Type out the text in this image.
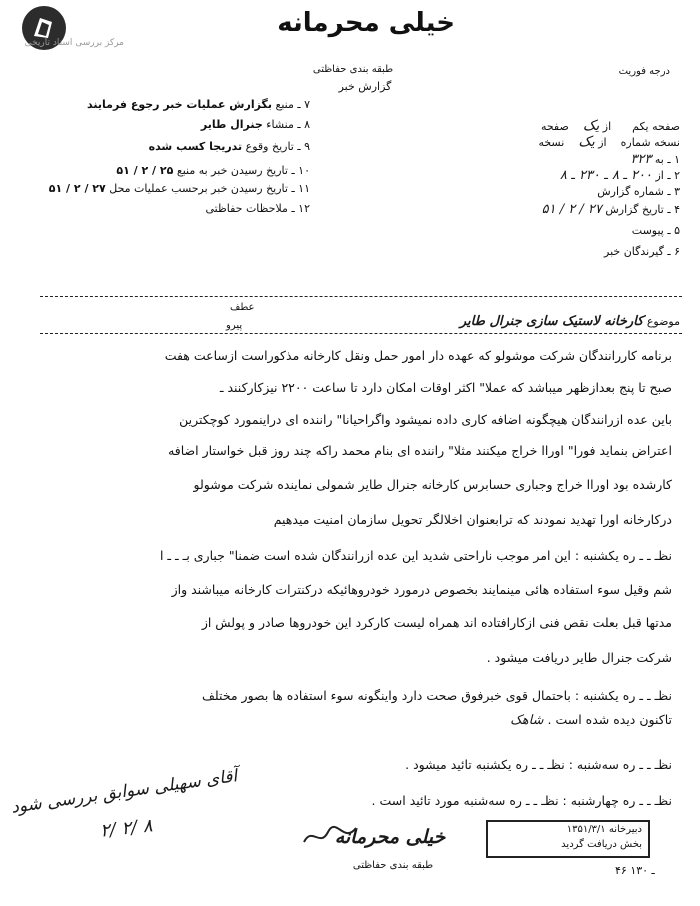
مرکز بررسی اسناد تاریخی
خیلی محرمانه
طبقه بندی حفاظتی
گزارش خبر
درجه فوریت
صفحه یکم      از یک    صفحه
نسخه شماره    از یک    نسخه
۱ ـ به ۳۲۳
۲ ـ از ۲۰۰ ـ ۸ ـ ۲۳۰ ـ ۸
۳ ـ شماره گزارش
۴ ـ تاریخ گزارش ۲۷ / ۲ / ۵۱
۵ ـ پیوست
۶ ـ گیرندگان خبر
۷ ـ منبع بگزارش عملیات خبر رجوع فرمایند
۸ ـ منشاء جنرال طایر
۹ ـ تاریخ وقوع تدریجا کسب شده
۱۰ ـ تاریخ رسیدن خبر به منبع ۲۵ / ۲ / ۵۱
۱۱ ـ تاریخ رسیدن خبر برحسب عملیات محل ۲۷ / ۲ / ۵۱
۱۲ ـ ملاحظات حفاظتی
موضوع کارخانه لاستیک سازی جنرال طایر
عطف
پیرو
برنامه کاررانندگان شرکت موشولو که عهده دار امور حمل ونقل کارخانه مذکوراست ازساعت هفت
صبح تا پنج بعدازظهر میباشد که عملا" اکثر اوقات امکان دارد تا ساعت ۲۲۰۰ نیزکارکنند ـ
باین عده ازرانندگان هیچگونه اضافه کاری داده نمیشود واگراحیانا" راننده ای دراینمورد کوچکترین
اعتراض بنماید فورا" اوراا خراج میکنند مثلا" راننده ای بنام محمد راکه چند روز قبل خواستار اضافه
کارشده بود اوراا خراج وجباری حسابرس کارخانه جنرال طایر شمولی نماینده شرکت موشولو
درکارخانه اورا تهدید نمودند که ترابعنوان اخلالگر تحویل سازمان امنیت میدهیم
نظـ ـ ـ ره یکشنبه : این امر موجب ناراحتی شدید این عده ازرانندگان شده است ضمنا" جباری بـ ـ ـ ا
شم وقیل سوء استفاده هائی مینمایند بخصوص درمورد خودروهائیکه درکنترات کارخانه میباشند واز
مدتها قبل بعلت نقص فنی ازکارافتاده اند همراه لیست کارکرد این خودروها صادر و پولش از
شرکت جنرال طایر دریافت میشود .
نظـ ـ ـ ره یکشنبه : باحتمال قوی خبرفوق صحت دارد واینگونه سوء استفاده ها بصور مختلف
تاکنون دیده شده است . شاهک
نظـ ـ ـ ره سه‌شنبه : نظـ ـ ـ ره یکشنبه تائید میشود .
نظـ ـ ـ ره چهارشنبه : نظـ ـ ـ ره سه‌شنبه مورد تائید است .
آقای سهیلی سوابق بررسی شود
۲/ ۲/ ۸	خیلی محرمانه
طبقه بندی حفاظتی
دبیرخانه ۱۳۵۱/۳/۱
بخش دریافت گردید
۴۶ ـ ۱۳۰
